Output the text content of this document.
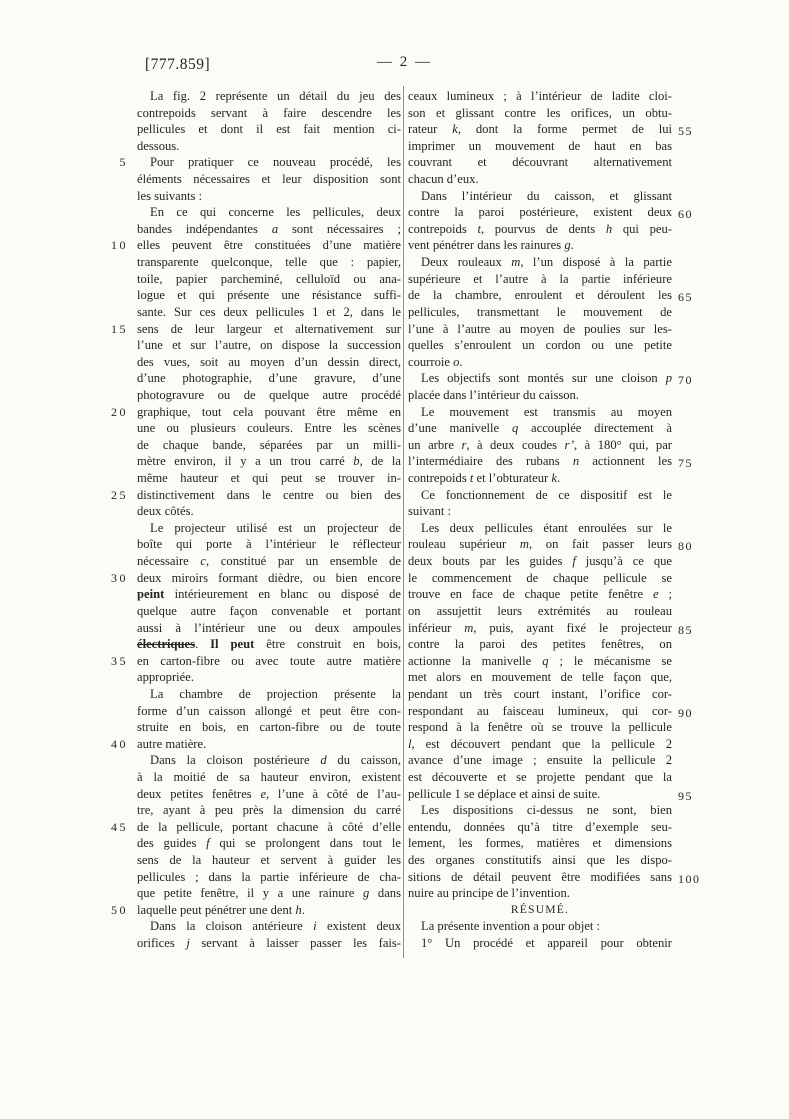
[777.859]	— 2 —
La fig. 2 représente un détail du jeu des
contrepoids servant à faire descendre les
pellicules et dont il est fait mention ci-
dessous.
5 Pour pratiquer ce nouveau procédé, les
éléments nécessaires et leur disposition sont
les suivants :
En ce qui concerne les pellicules, deux
bandes indépendantes a sont nécessaires ;
10 elles peuvent être constituées d’une matière
transparente quelconque, telle que : papier,
toile, papier parcheminé, celluloïd ou ana-
logue et qui présente une résistance suffi-
sante. Sur ces deux pellicules 1 et 2, dans le
15 sens de leur largeur et alternativement sur
l’une et sur l’autre, on dispose la succession
des vues, soit au moyen d’un dessin direct,
d’une photographie, d’une gravure, d’une
photogravure ou de quelque autre procédé
20 graphique, tout cela pouvant être même en
une ou plusieurs couleurs. Entre les scènes
de chaque bande, séparées par un milli-
mètre environ, il y a un trou carré b, de la
même hauteur et qui peut se trouver in-
25 distinctivement dans le centre ou bien des
deux côtés.
Le projecteur utilisé est un projecteur de
boîte qui porte à l’intérieur le réflecteur
nécessaire c, constitué par un ensemble de
30 deux miroirs formant dièdre, ou bien encore
peint intérieurement en blanc ou disposé de
quelque autre façon convenable et portant
aussi à l’intérieur une ou deux ampoules
électriques. Il peut être construit en bois,
35 en carton-fibre ou avec toute autre matière
appropriée.
La chambre de projection présente la
forme d’un caisson allongé et peut être con-
struite en bois, en carton-fibre ou de toute
40 autre matière.
Dans la cloison postérieure d du caisson,
à la moitié de sa hauteur environ, existent
deux petites fenêtres e, l’une à côté de l’au-
tre, ayant à peu près la dimension du carré
45 de la pellicule, portant chacune à côté d’elle
des guides f qui se prolongent dans tout le
sens de la hauteur et servent à guider les
pellicules ; dans la partie inférieure de cha-
que petite fenêtre, il y a une rainure g dans
50 laquelle peut pénétrer une dent h.
Dans la cloison antérieure i existent deux
orifices j servant à laisser passer les fais-
ceaux lumineux ; à l’intérieur de ladite cloi-
son et glissant contre les orifices, un obtu-
55
rateur k, dont la forme permet de lui
imprimer un mouvement de haut en bas
couvrant et découvrant alternativement
chacun d’eux.
Dans l’intérieur du caisson, et glissant
60
contre la paroi postérieure, existent deux
contrepoids t, pourvus de dents h qui peu-
vent pénétrer dans les rainures g.
Deux rouleaux m, l’un disposé à la partie
supérieure et l’autre à la partie inférieure
65
de la chambre, enroulent et déroulent les
pellicules, transmettant le mouvement de
l’une à l’autre au moyen de poulies sur les-
quelles s’enroulent un cordon ou une petite
courroie o.
70
Les objectifs sont montés sur une cloison p
placée dans l’intérieur du caisson.
Le mouvement est transmis au moyen
d’une manivelle q accouplée directement à
un arbre r, à deux coudes r’, à 180° qui, par
75
l’intermédiaire des rubans n actionnent les
contrepoids t et l’obturateur k.
Ce fonctionnement de ce dispositif est le
suivant :
Les deux pellicules étant enroulées sur le
80
rouleau supérieur m, on fait passer leurs
deux bouts par les guides f jusqu’à ce que
le commencement de chaque pellicule se
trouve en face de chaque petite fenêtre e ;
on assujettit leurs extrémités au rouleau
85
inférieur m, puis, ayant fixé le projecteur
contre la paroi des petites fenêtres, on
actionne la manivelle q ; le mécanisme se
met alors en mouvement de telle façon que,
pendant un très court instant, l’orifice cor-
90
respondant au faisceau lumineux, qui cor-
respond à la fenêtre où se trouve la pellicule
l, est découvert pendant que la pellicule 2
avance d’une image ; ensuite la pellicule 2
est découverte et se projette pendant que la
95
pellicule 1 se déplace et ainsi de suite.
Les dispositions ci-dessus ne sont, bien
entendu, données qu’à titre d’exemple seu-
lement, les formes, matières et dimensions
des organes constitutifs ainsi que les dispo-
100
sitions de détail peuvent être modifiées sans
nuire au principe de l’invention.
RÉSUMÉ.
La présente invention a pour objet :
1° Un procédé et appareil pour obtenir
